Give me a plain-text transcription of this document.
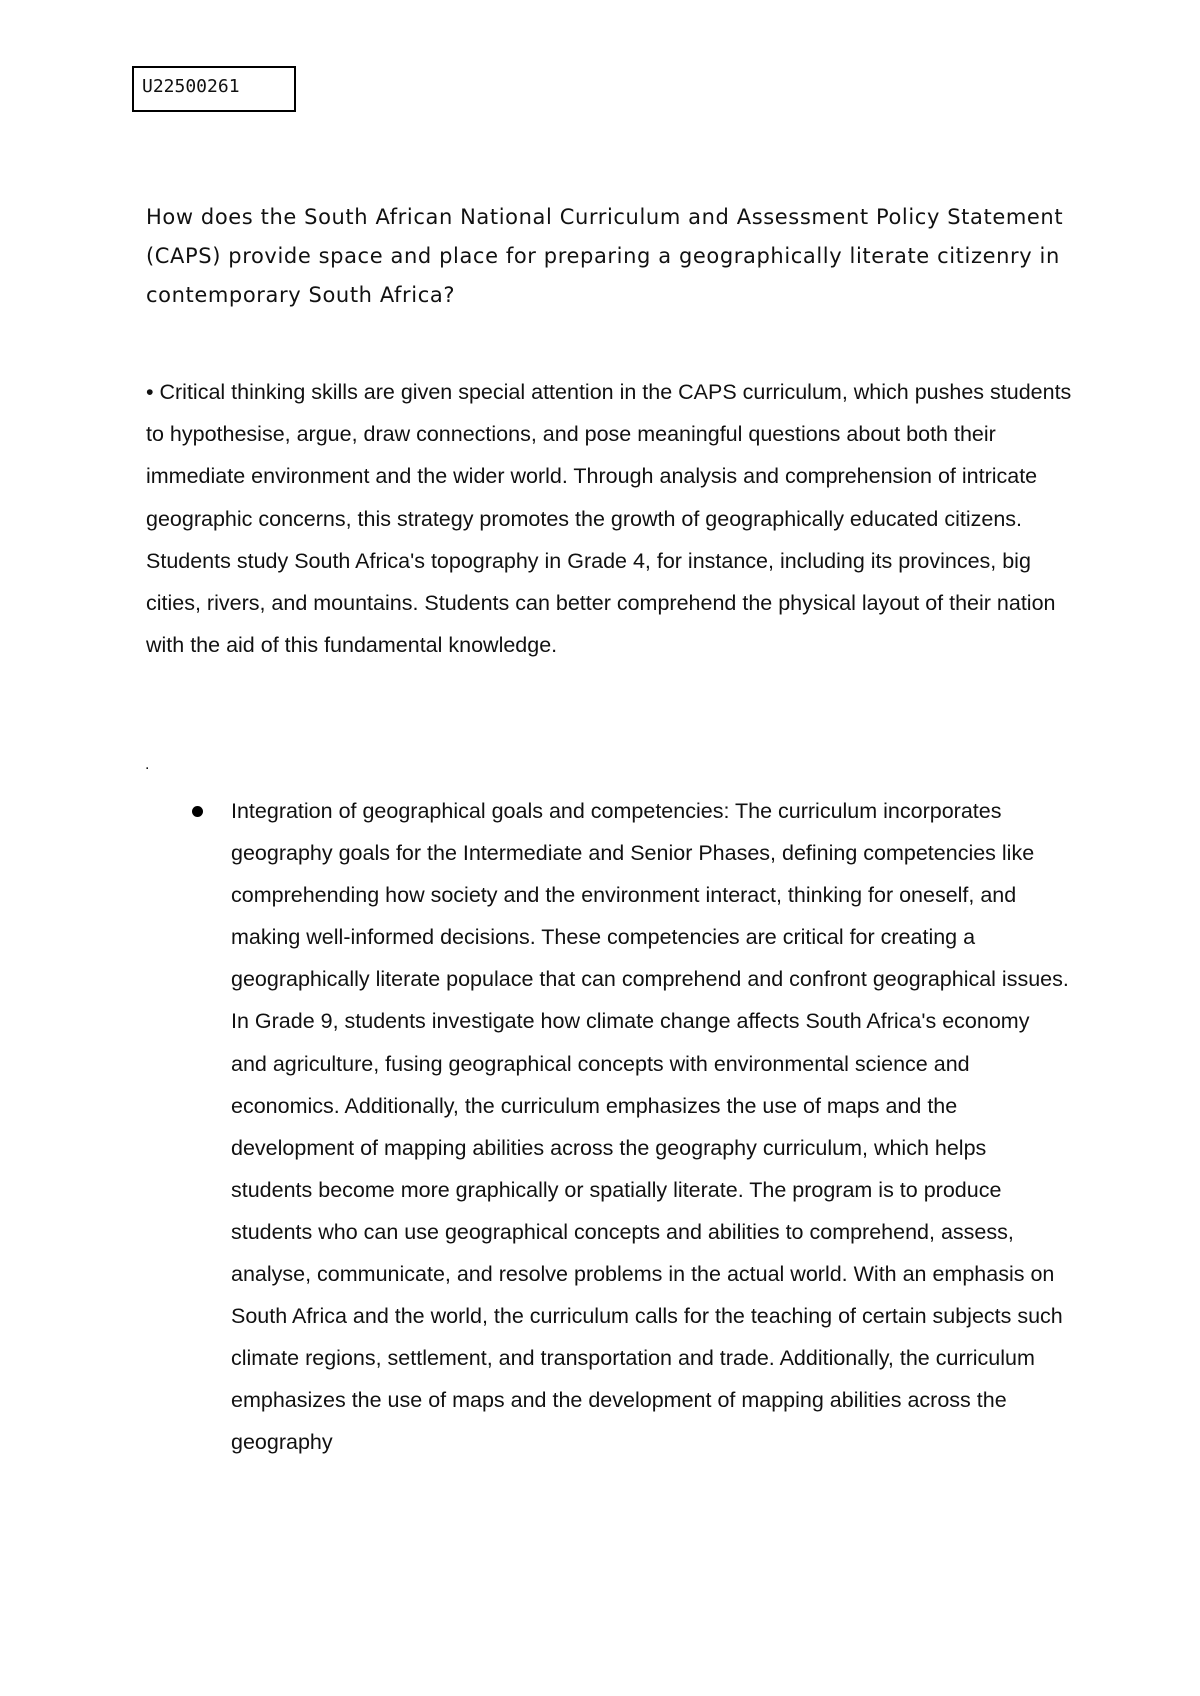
U22500261

How does the South African National Curriculum and Assessment Policy Statement (CAPS) provide space and place for preparing a geographically literate citizenry in contemporary South Africa?

• Critical thinking skills are given special attention in the CAPS curriculum, which pushes students to hypothesise, argue, draw connections, and pose meaningful questions about both their immediate environment and the wider world. Through analysis and comprehension of intricate geographic concerns, this strategy promotes the growth of geographically educated citizens. Students study South Africa's topography in Grade 4, for instance, including its provinces, big cities, rivers, and mountains. Students can better comprehend the physical layout of their nation with the aid of this fundamental knowledge.

.

Integration of geographical goals and competencies: The curriculum incorporates geography goals for the Intermediate and Senior Phases, defining competencies like comprehending how society and the environment interact, thinking for oneself, and making well-informed decisions. These competencies are critical for creating a geographically literate populace that can comprehend and confront geographical issues. In Grade 9, students investigate how climate change affects South Africa's economy and agriculture, fusing geographical concepts with environmental science and economics. Additionally, the curriculum emphasizes the use of maps and the development of mapping abilities across the geography curriculum, which helps students become more graphically or spatially literate. The program is to produce students who can use geographical concepts and abilities to comprehend, assess, analyse, communicate, and resolve problems in the actual world. With an emphasis on South Africa and the world, the curriculum calls for the teaching of certain subjects such climate regions, settlement, and transportation and trade. Additionally, the curriculum emphasizes the use of maps and the development of mapping abilities across the geography
